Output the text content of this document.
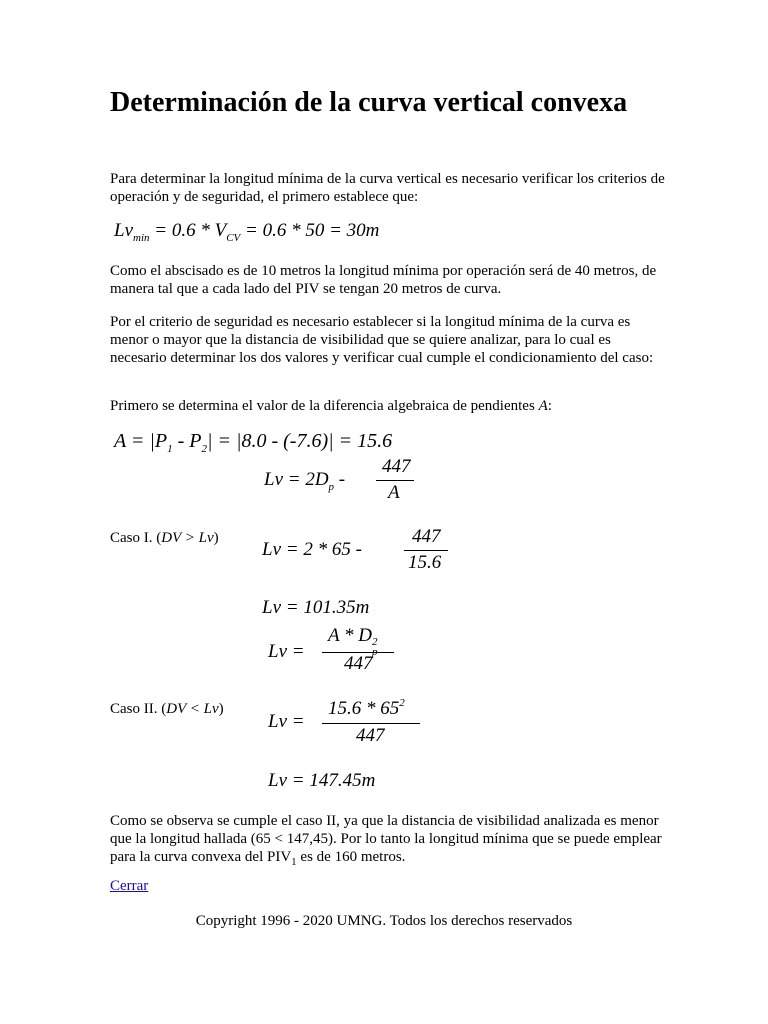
Determinación de la curva vertical convexa
Para determinar la longitud mínima de la curva vertical es necesario verificar los criterios de operación y de seguridad, el primero establece que:
$Lv_{min} = 0.6 * V_{CV} = 0.6 * 50 = 30m$
Como el abscisado es de 10 metros la longitud mínima por operación será de 40 metros, de manera tal que a cada lado del PIV se tengan 20 metros de curva.
Por el criterio de seguridad es necesario establecer si la longitud mínima de la curva es menor o mayor que la distancia de visibilidad que se quiere analizar, para lo cual es necesario determinar los dos valores y verificar cual cumple el condicionamiento del caso:
Primero se determina el valor de la diferencia algebraica de pendientes A:
$A = |P_1 - P_2| = |8.0 - (-7.6)| = 15.6$
$Lv = 2D_p$ -
447
A
Caso I. (DV > Lv)
Lv = 2 * 65 -
447
15.6
Lv = 101.35m
Lv =
A * D 2
447
Caso II. (DV < Lv)
Lv =
$15.6 * 65^2$
447
Lv = 147.45m
Como se observa se cumple el caso II, ya que la distancia de visibilidad analizada es menor que la longitud hallada (65 < 147,45). Por lo tanto la longitud mínima que se puede emplear para la curva convexa del $PIV_1$ es de 160 metros.
Cerrar
Copyright 1996 - 2020 UMNG. Todos los derechos reservados
